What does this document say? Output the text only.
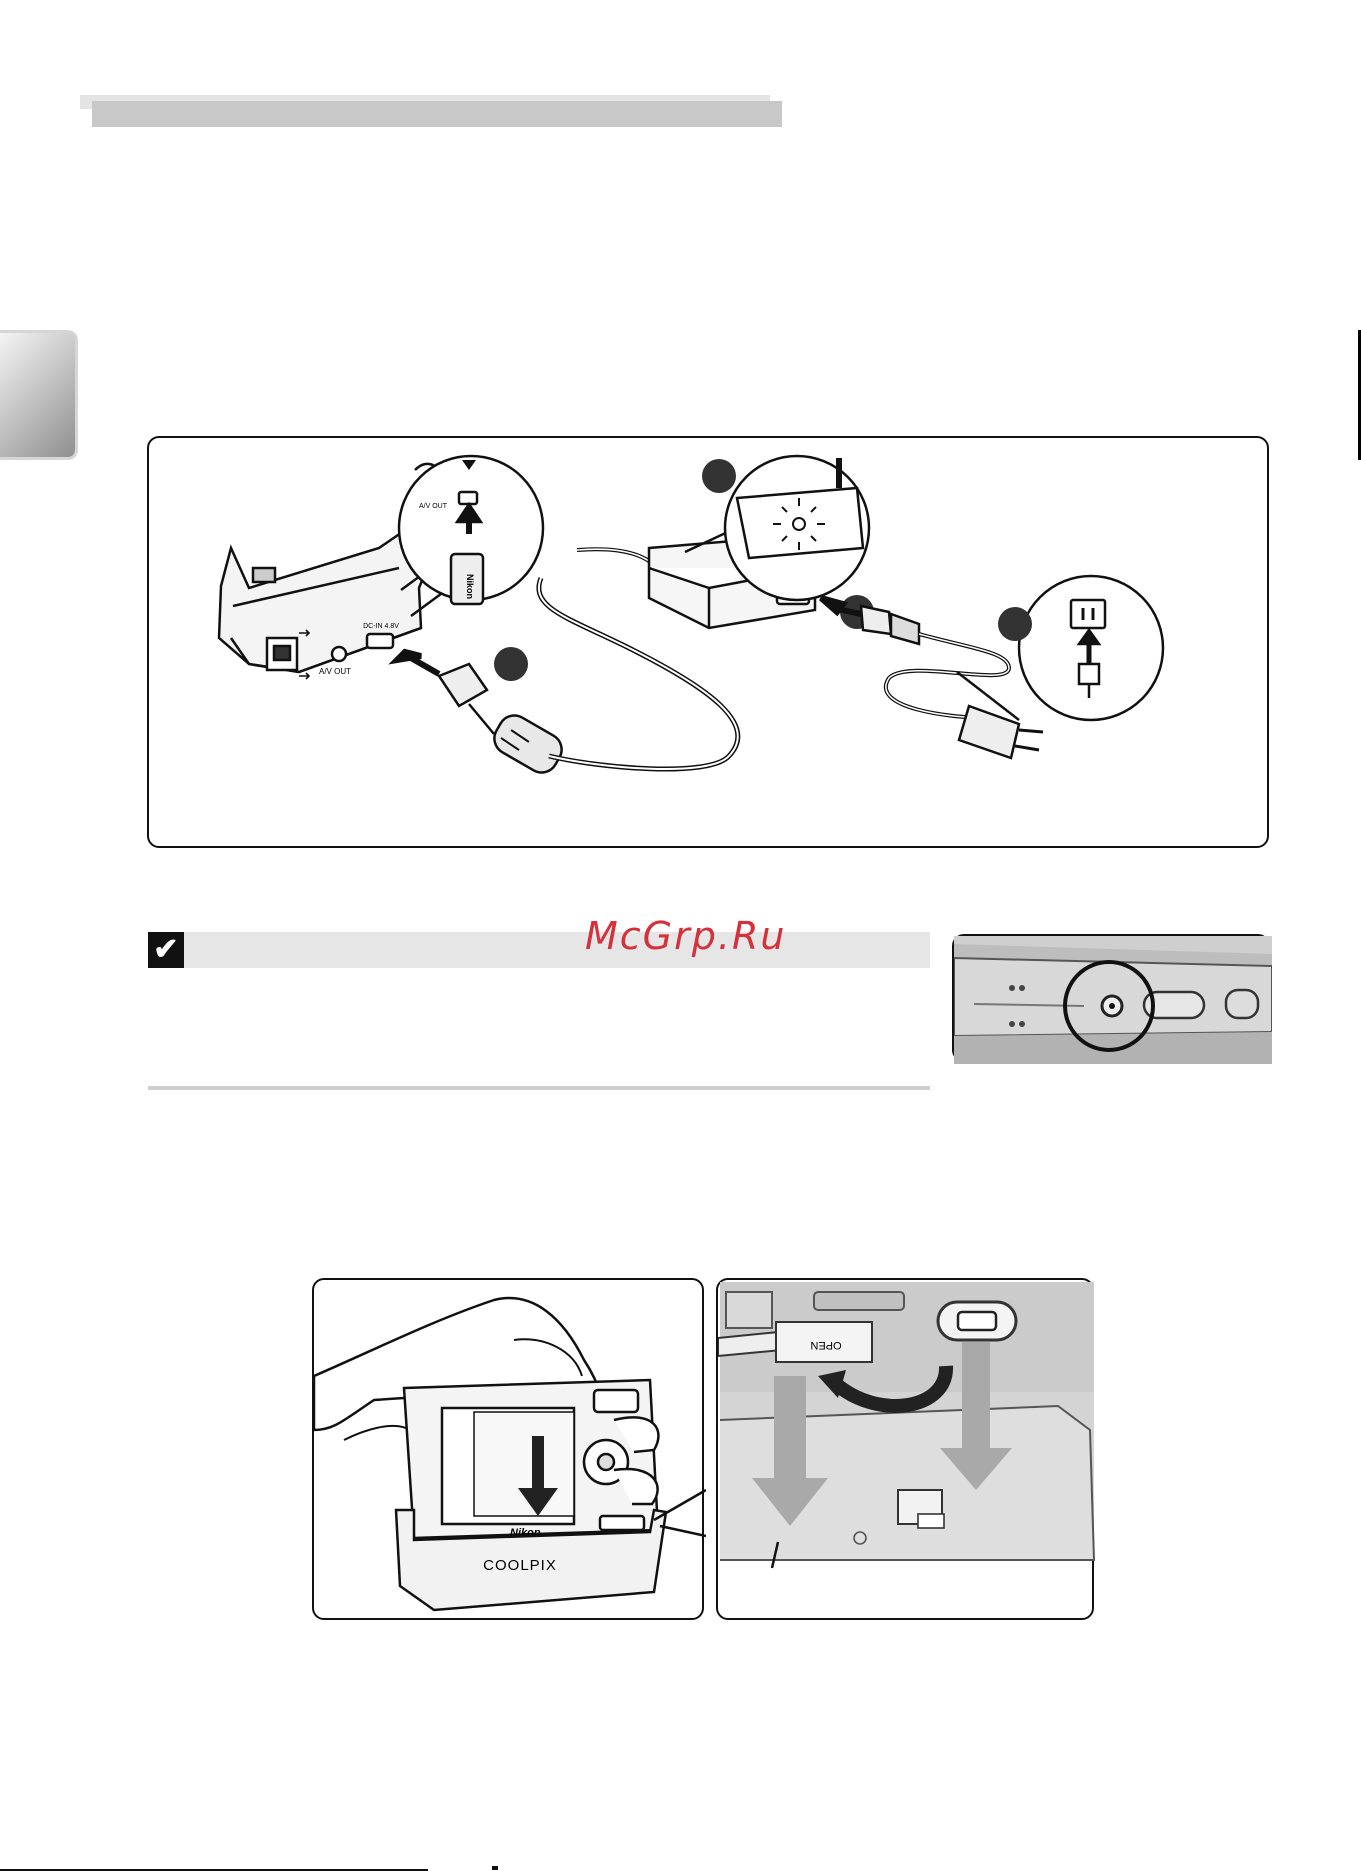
A/V OUT
DC-IN 4.8V
Nikon
A/V OUT
✔	McGrp.Ru
Nikon
COOLPIX
OPEN
